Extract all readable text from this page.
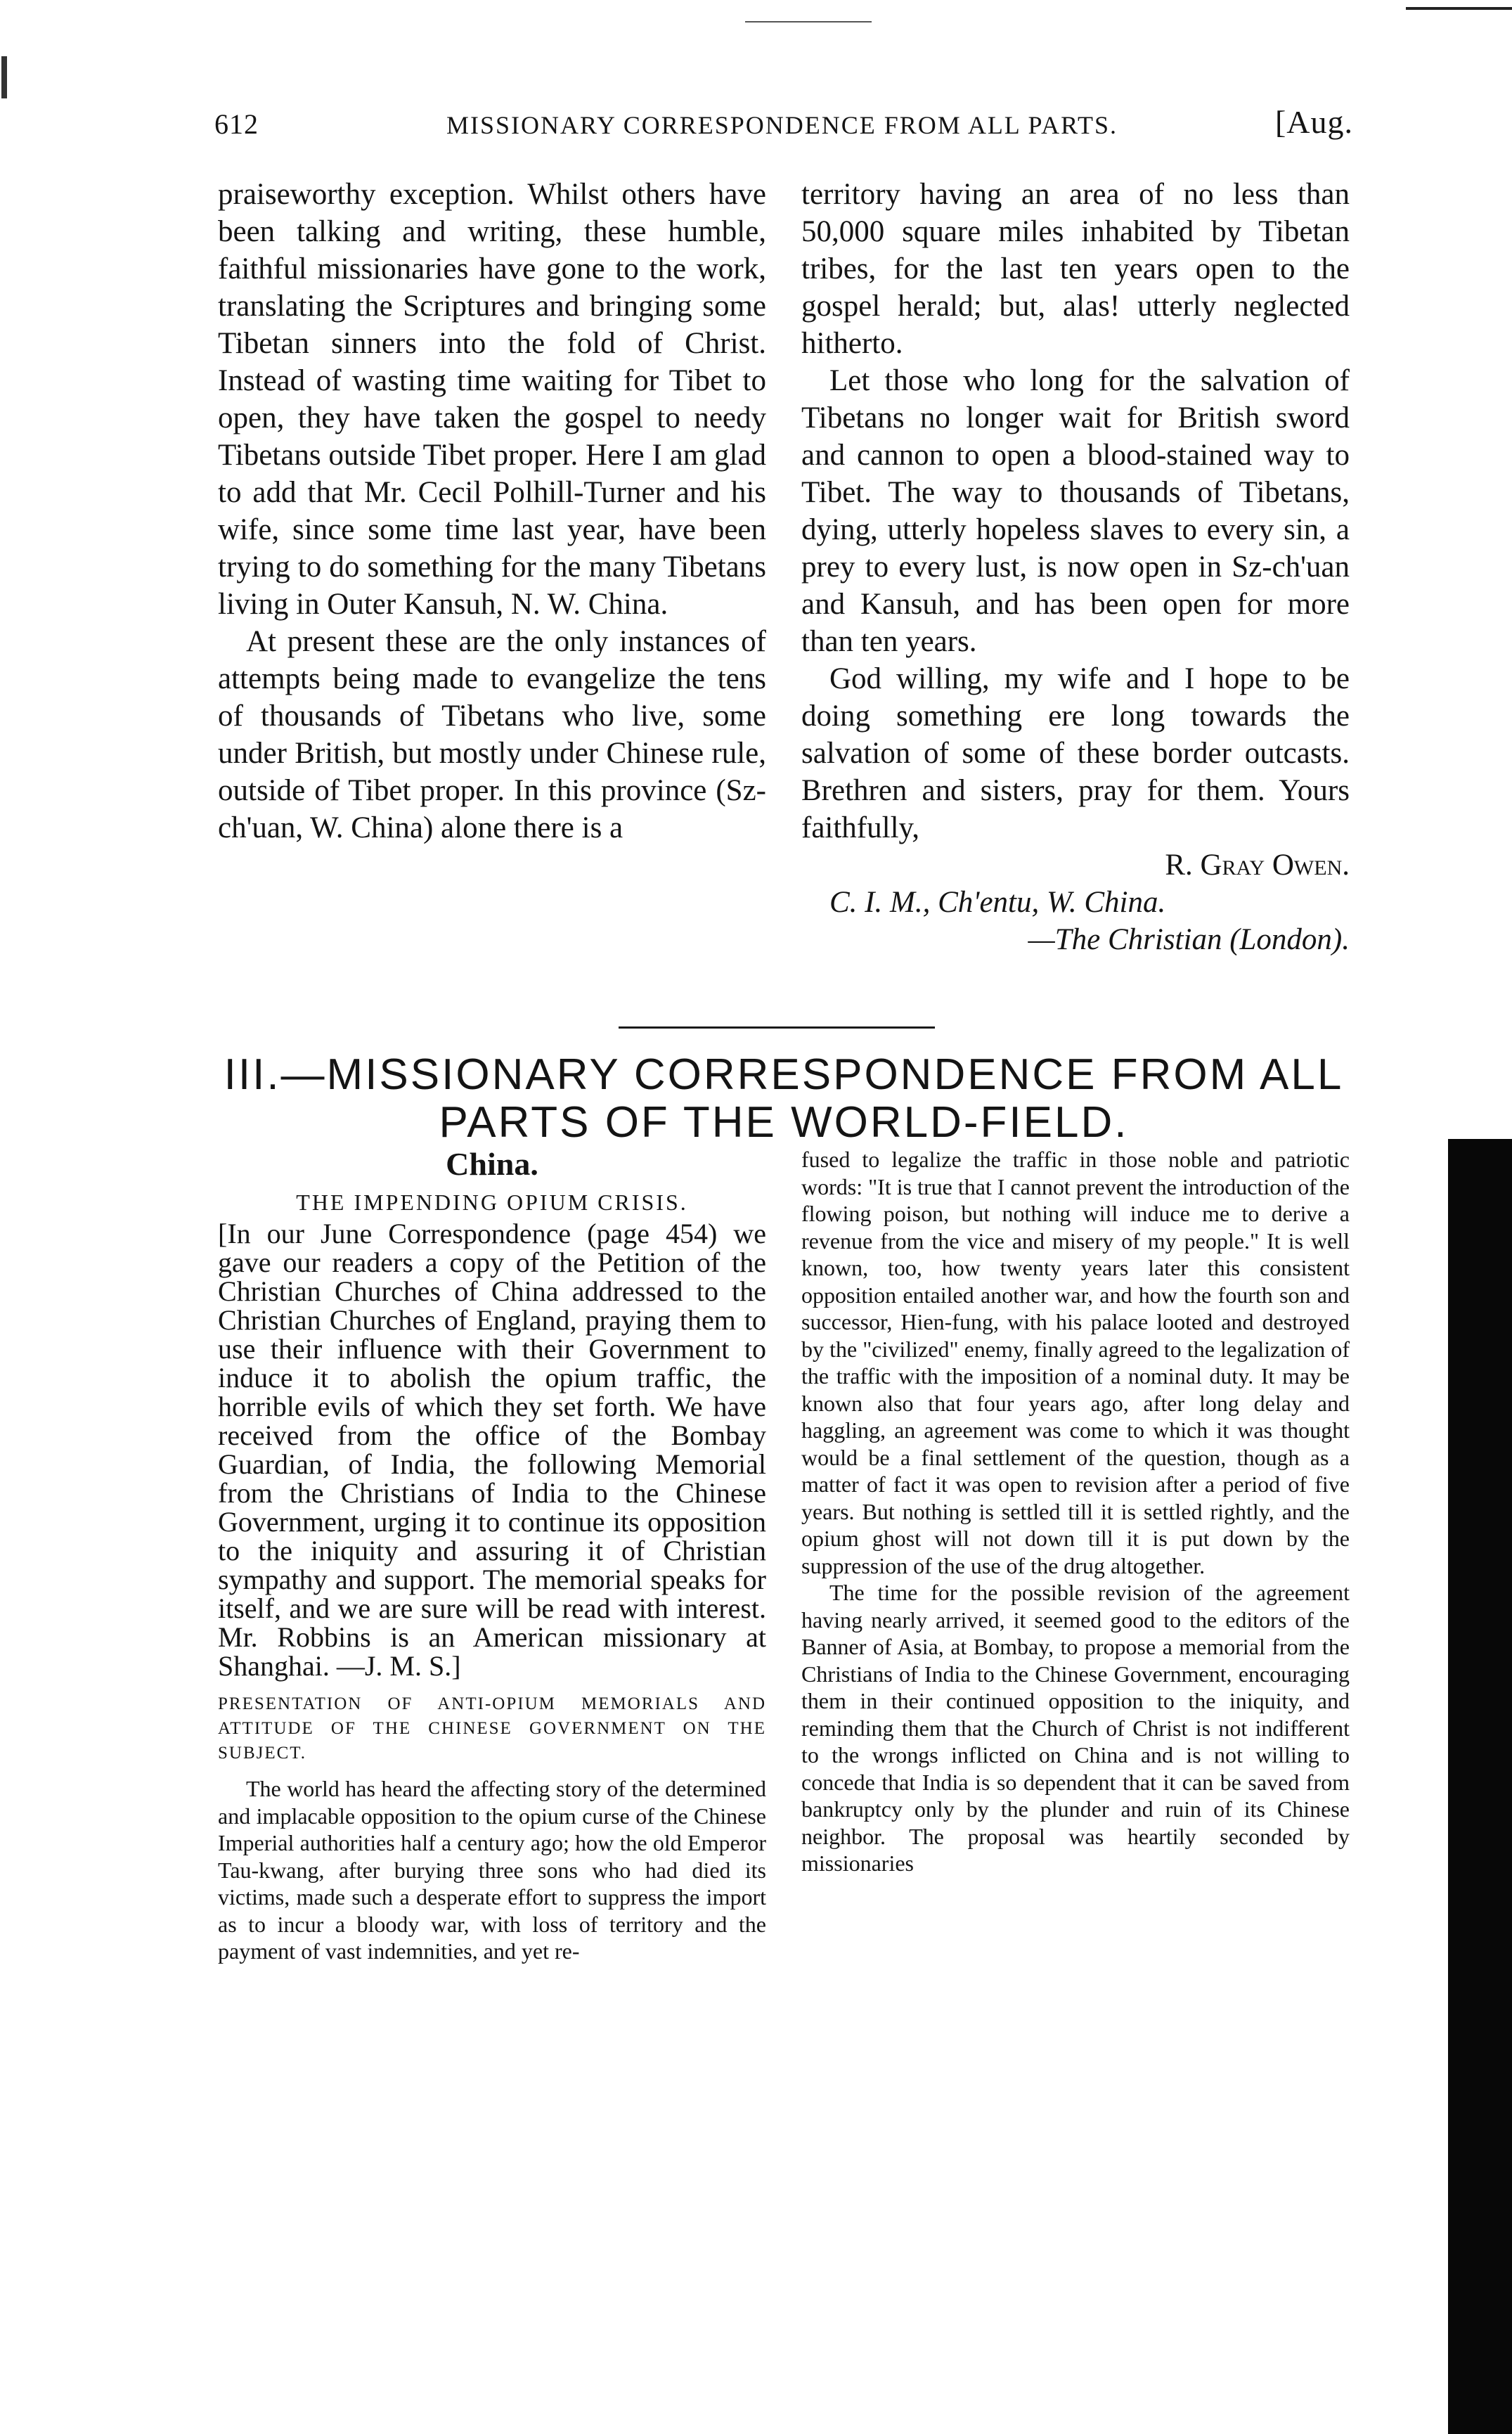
612	MISSIONARY CORRESPONDENCE FROM ALL PARTS.	[Aug.

praiseworthy exception. Whilst others have been talking and writing, these humble, faithful missionaries have gone to the work, translating the Scriptures and bringing some Tibetan sinners into the fold of Christ. Instead of wasting time waiting for Tibet to open, they have taken the gospel to needy Tibetans outside Tibet proper. Here I am glad to add that Mr. Cecil Polhill-Turner and his wife, since some time last year, have been trying to do something for the many Tibetans living in Outer Kansuh, N. W. China.

At present these are the only instances of attempts being made to evangelize the tens of thousands of Tibetans who live, some under British, but mostly under Chinese rule, outside of Tibet proper. In this province (Sz-ch'uan, W. China) alone there is a

territory having an area of no less than 50,000 square miles inhabited by Tibetan tribes, for the last ten years open to the gospel herald; but, alas! utterly neglected hitherto.

Let those who long for the salvation of Tibetans no longer wait for British sword and cannon to open a blood-stained way to Tibet. The way to thousands of Tibetans, dying, utterly hopeless slaves to every sin, a prey to every lust, is now open in Sz-ch'uan and Kansuh, and has been open for more than ten years.

God willing, my wife and I hope to be doing something ere long towards the salvation of some of these border outcasts. Brethren and sisters, pray for them. Yours faithfully,

R. Gray Owen.

C. I. M., Ch'entu, W. China.

—The Christian (London).

III.—MISSIONARY CORRESPONDENCE FROM ALL PARTS OF THE WORLD-FIELD.

China.

THE IMPENDING OPIUM CRISIS.

[In our June Correspondence (page 454) we gave our readers a copy of the Petition of the Christian Churches of China addressed to the Christian Churches of England, praying them to use their influence with their Government to induce it to abolish the opium traffic, the horrible evils of which they set forth. We have received from the office of the Bombay Guardian, of India, the following Memorial from the Christians of India to the Chinese Government, urging it to continue its opposition to the iniquity and assuring it of Christian sympathy and support. The memorial speaks for itself, and we are sure will be read with interest. Mr. Robbins is an American missionary at Shanghai. —J. M. S.]

PRESENTATION OF ANTI-OPIUM MEMORIALS AND ATTITUDE OF THE CHINESE GOVERNMENT ON THE SUBJECT.

The world has heard the affecting story of the determined and implacable opposition to the opium curse of the Chinese Imperial authorities half a century ago; how the old Emperor Tau-kwang, after burying three sons who had died its victims, made such a desperate effort to suppress the import as to incur a bloody war, with loss of territory and the payment of vast indemnities, and yet re-

fused to legalize the traffic in those noble and patriotic words: "It is true that I cannot prevent the introduction of the flowing poison, but nothing will induce me to derive a revenue from the vice and misery of my people." It is well known, too, how twenty years later this consistent opposition entailed another war, and how the fourth son and successor, Hien-fung, with his palace looted and destroyed by the "civilized" enemy, finally agreed to the legalization of the traffic with the imposition of a nominal duty. It may be known also that four years ago, after long delay and haggling, an agreement was come to which it was thought would be a final settlement of the question, though as a matter of fact it was open to revision after a period of five years. But nothing is settled till it is settled rightly, and the opium ghost will not down till it is put down by the suppression of the use of the drug altogether.

The time for the possible revision of the agreement having nearly arrived, it seemed good to the editors of the Banner of Asia, at Bombay, to propose a memorial from the Christians of India to the Chinese Government, encouraging them in their continued opposition to the iniquity, and reminding them that the Church of Christ is not indifferent to the wrongs inflicted on China and is not willing to concede that India is so dependent that it can be saved from bankruptcy only by the plunder and ruin of its Chinese neighbor. The proposal was heartily seconded by missionaries
